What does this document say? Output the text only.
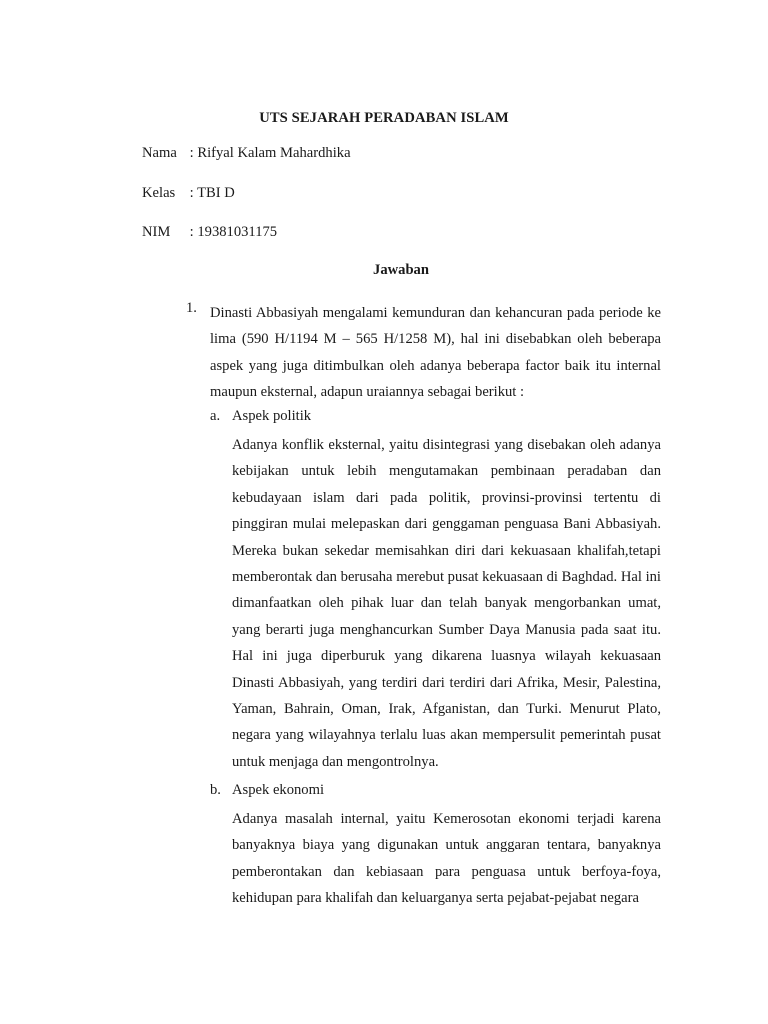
UTS SEJARAH PERADABAN ISLAM
Nama : Rifyal Kalam Mahardhika
Kelas : TBI D
NIM : 19381031175
Jawaban
1. Dinasti Abbasiyah mengalami kemunduran dan kehancuran pada periode ke lima (590 H/1194 M – 565 H/1258 M), hal ini disebabkan oleh beberapa aspek yang juga ditimbulkan oleh adanya beberapa factor baik itu internal maupun eksternal, adapun uraiannya sebagai berikut :

a. Aspek politik

Adanya konflik eksternal, yaitu disintegrasi yang disebakan oleh adanya kebijakan untuk lebih mengutamakan pembinaan peradaban dan kebudayaan islam dari pada politik, provinsi-provinsi tertentu di pinggiran mulai melepaskan dari genggaman penguasa Bani Abbasiyah. Mereka bukan sekedar memisahkan diri dari kekuasaan khalifah,tetapi memberontak dan berusaha merebut pusat kekuasaan di Baghdad. Hal ini dimanfaatkan oleh pihak luar dan telah banyak mengorbankan umat, yang berarti juga menghancurkan Sumber Daya Manusia pada saat itu. Hal ini juga diperburuk yang dikarena luasnya wilayah kekuasaan Dinasti Abbasiyah, yang terdiri dari terdiri dari Afrika, Mesir, Palestina, Yaman, Bahrain, Oman, Irak, Afganistan, dan Turki. Menurut Plato, negara yang wilayahnya terlalu luas akan mempersulit pemerintah pusat untuk menjaga dan mengontrolnya.

b. Aspek ekonomi

Adanya masalah internal, yaitu Kemerosotan ekonomi terjadi karena banyaknya biaya yang digunakan untuk anggaran tentara, banyaknya pemberontakan dan kebiasaan para penguasa untuk berfoya-foya, kehidupan para khalifah dan keluarganya serta pejabat-pejabat negara
